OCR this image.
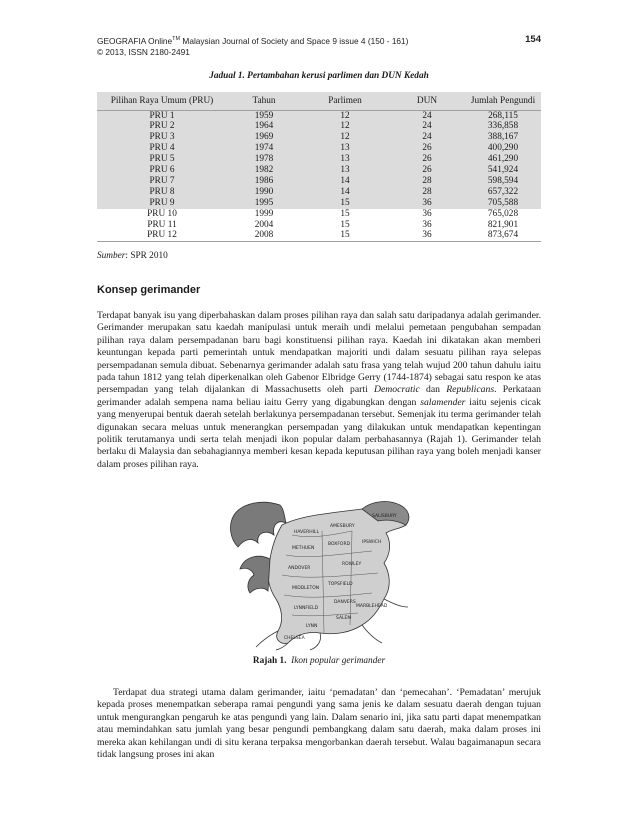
GEOGRAFIA Online™ Malaysian Journal of Society and Space 9 issue 4 (150 - 161)	154
© 2013, ISSN 2180-2491
Jadual 1. Pertambahan kerusi parlimen dan DUN Kedah
Pilihan Raya Umum (PRU)	Tahun	Parlimen	DUN	Jumlah Pengundi
PRU 1	1959	12	24	268,115
PRU 2	1964	12	24	336,858
PRU 3	1969	12	24	388,167
PRU 4	1974	13	26	400,290
PRU 5	1978	13	26	461,290
PRU 6	1982	13	26	541,924
PRU 7	1986	14	28	598,594
PRU 8	1990	14	28	657,322
PRU 9	1995	15	36	705,588
PRU 10	1999	15	36	765,028
PRU 11	2004	15	36	821,901
PRU 12	2008	15	36	873,674
Sumber: SPR 2010
Konsep gerimander
Terdapat banyak isu yang diperbahaskan dalam proses pilihan raya dan salah satu daripadanya adalah gerimander. Gerimander merupakan satu kaedah manipulasi untuk meraih undi melalui pemetaan pengubahan sempadan pilihan raya dalam persempadanan baru bagi konstituensi pilihan raya. Kaedah ini dikatakan akan memberi keuntungan kepada parti pemerintah untuk mendapatkan majoriti undi dalam sesuatu pilihan raya selepas persempadanan semula dibuat. Sebenarnya gerimander adalah satu frasa yang telah wujud 200 tahun dahulu iaitu pada tahun 1812 yang telah diperkenalkan oleh Gabenor Elbridge Gerry (1744-1874) sebagai satu respon ke atas persempadan yang telah dijalankan di Massachusetts oleh parti Democratic dan Republicans. Perkataan gerimander adalah sempena nama beliau iaitu Gerry yang digabungkan dengan salamender iaitu sejenis cicak yang menyerupai bentuk daerah setelah berlakunya persempadanan tersebut. Semenjak itu terma gerimander telah digunakan secara meluas untuk menerangkan persempadan yang dilakukan untuk mendapatkan kepentingan politik terutamanya undi serta telah menjadi ikon popular dalam perbahasannya (Rajah 1). Gerimander telah berlaku di Malaysia dan sebahagiannya memberi kesan kepada keputusan pilihan raya yang boleh menjadi kanser dalam proses pilihan raya.
SALISBURY
AMESBURY
HAVERHILL
METHUEN
ANDOVER
BOXFORD
ROWLEY
IPSWICH
TOPSFIELD
MIDDLETON
DANVERS
LYNNFIELD
SALEM
MARBLEHEAD
LYNN
CHELSEA
Rajah 1. Ikon popular gerimander
Terdapat dua strategi utama dalam gerimander, iaitu ‘pemadatan’ dan ‘pemecahan’. ‘Pemadatan’ merujuk kepada proses menempatkan seberapa ramai pengundi yang sama jenis ke dalam sesuatu daerah dengan tujuan untuk mengurangkan pengaruh ke atas pengundi yang lain. Dalam senario ini, jika satu parti dapat menempatkan atau memindahkan satu jumlah yang besar pengundi pembangkang dalam satu daerah, maka dalam proses ini mereka akan kehilangan undi di situ kerana terpaksa mengorbankan daerah tersebut. Walau bagaimanapun secara tidak langsung proses ini akan
